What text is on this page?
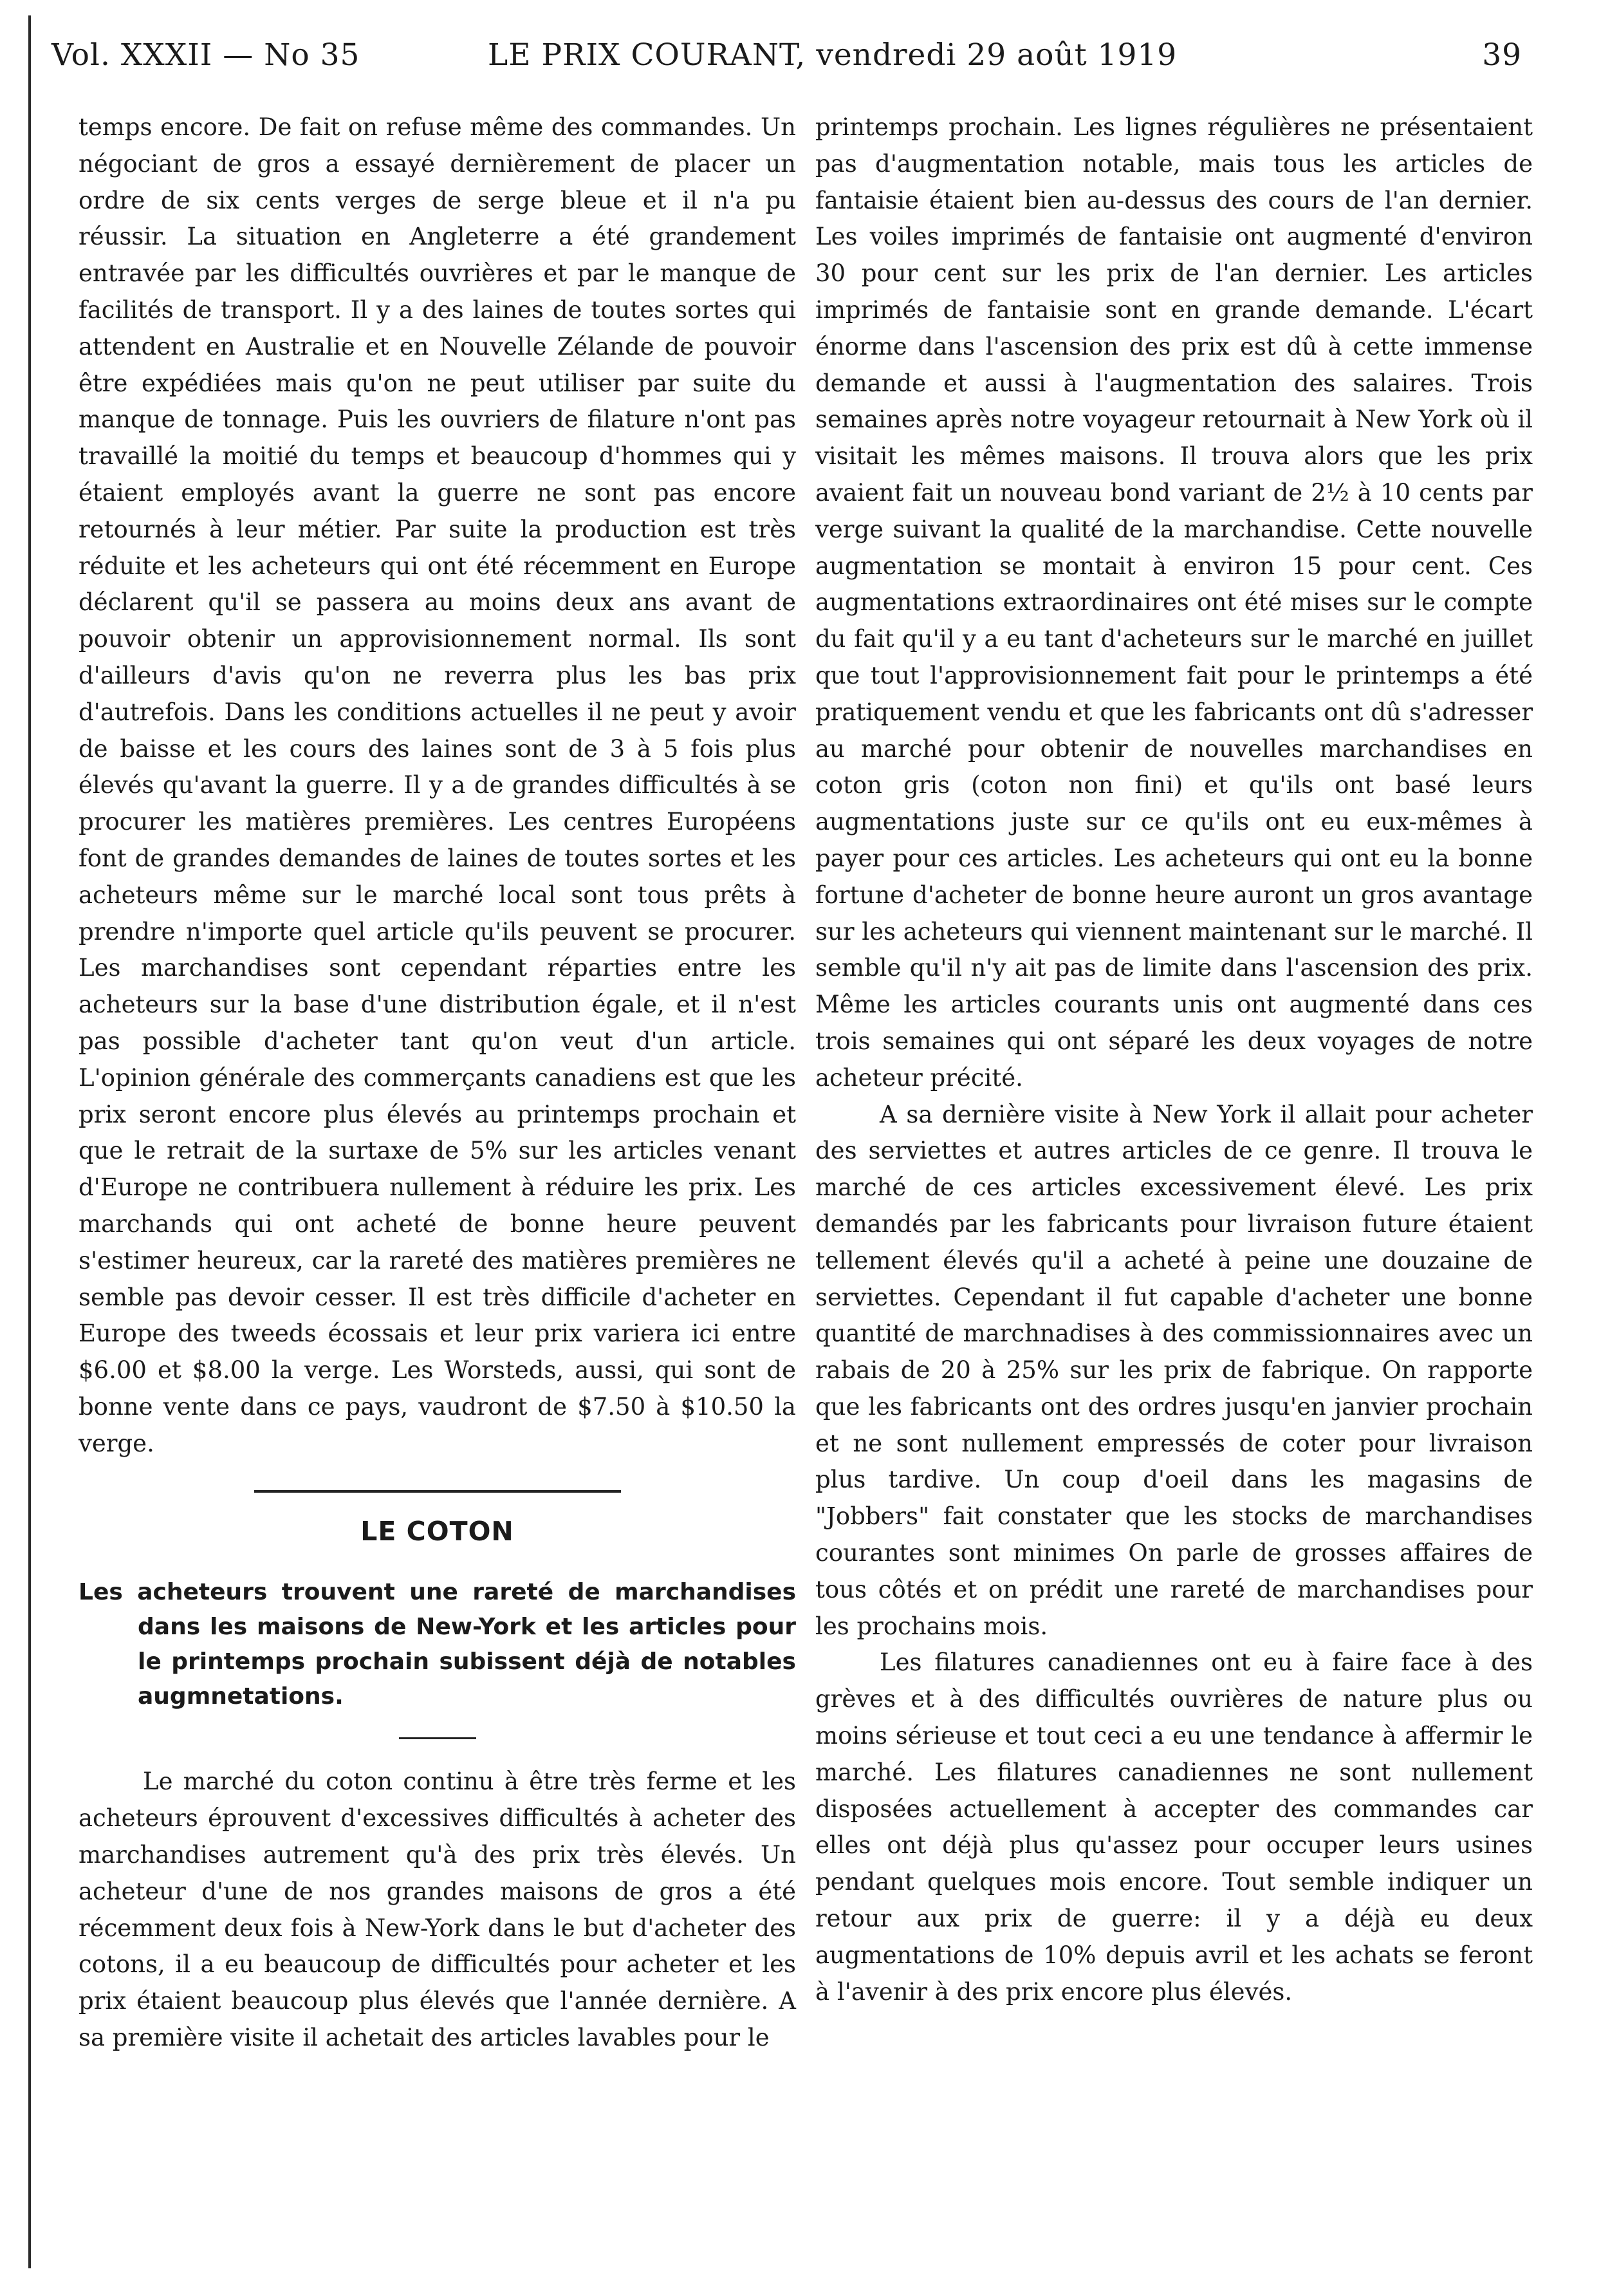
Vol. XXXII — No 35	LE PRIX COURANT, vendredi 29 août 1919	39

temps encore. De fait on refuse même des commandes. Un négociant de gros a essayé dernièrement de placer un ordre de six cents verges de serge bleue et il n'a pu réussir. La situation en Angleterre a été grandement entravée par les difficultés ouvrières et par le manque de facilités de transport. Il y a des laines de toutes sortes qui attendent en Australie et en Nouvelle Zélande de pouvoir être expédiées mais qu'on ne peut utiliser par suite du manque de tonnage. Puis les ouvriers de filature n'ont pas travaillé la moitié du temps et beaucoup d'hommes qui y étaient employés avant la guerre ne sont pas encore retournés à leur métier. Par suite la production est très réduite et les acheteurs qui ont été récemment en Europe déclarent qu'il se passera au moins deux ans avant de pouvoir obtenir un approvisionnement normal. Ils sont d'ailleurs d'avis qu'on ne reverra plus les bas prix d'autrefois. Dans les conditions actuelles il ne peut y avoir de baisse et les cours des laines sont de 3 à 5 fois plus élevés qu'avant la guerre. Il y a de grandes difficultés à se procurer les matières premières. Les centres Européens font de grandes demandes de laines de toutes sortes et les acheteurs même sur le marché local sont tous prêts à prendre n'importe quel article qu'ils peuvent se procurer. Les marchandises sont cependant réparties entre les acheteurs sur la base d'une distribution égale, et il n'est pas possible d'acheter tant qu'on veut d'un article. L'opinion générale des commerçants canadiens est que les prix seront encore plus élevés au printemps prochain et que le retrait de la surtaxe de 5% sur les articles venant d'Europe ne contribuera nullement à réduire les prix. Les marchands qui ont acheté de bonne heure peuvent s'estimer heureux, car la rareté des matières premières ne semble pas devoir cesser. Il est très difficile d'acheter en Europe des tweeds écossais et leur prix variera ici entre $6.00 et $8.00 la verge. Les Worsteds, aussi, qui sont de bonne vente dans ce pays, vaudront de $7.50 à $10.50 la verge.

LE COTON

Les acheteurs trouvent une rareté de marchandises dans les maisons de New-York et les articles pour le printemps prochain subissent déjà de notables augmnetations.

Le marché du coton continu à être très ferme et les acheteurs éprouvent d'excessives difficultés à acheter des marchandises autrement qu'à des prix très élevés. Un acheteur d'une de nos grandes maisons de gros a été récemment deux fois à New-York dans le but d'acheter des cotons, il a eu beaucoup de difficultés pour acheter et les prix étaient beaucoup plus élevés que l'année dernière. A sa première visite il achetait des articles lavables pour le

printemps prochain. Les lignes régulières ne présentaient pas d'augmentation notable, mais tous les articles de fantaisie étaient bien au-dessus des cours de l'an dernier. Les voiles imprimés de fantaisie ont augmenté d'environ 30 pour cent sur les prix de l'an dernier. Les articles imprimés de fantaisie sont en grande demande. L'écart énorme dans l'ascension des prix est dû à cette immense demande et aussi à l'augmentation des salaires. Trois semaines après notre voyageur retournait à New York où il visitait les mêmes maisons. Il trouva alors que les prix avaient fait un nouveau bond variant de 2½ à 10 cents par verge suivant la qualité de la marchandise. Cette nouvelle augmentation se montait à environ 15 pour cent. Ces augmentations extraordinaires ont été mises sur le compte du fait qu'il y a eu tant d'acheteurs sur le marché en juillet que tout l'approvisionnement fait pour le printemps a été pratiquement vendu et que les fabricants ont dû s'adresser au marché pour obtenir de nouvelles marchandises en coton gris (coton non fini) et qu'ils ont basé leurs augmentations juste sur ce qu'ils ont eu eux-mêmes à payer pour ces articles. Les acheteurs qui ont eu la bonne fortune d'acheter de bonne heure auront un gros avantage sur les acheteurs qui viennent maintenant sur le marché. Il semble qu'il n'y ait pas de limite dans l'ascension des prix. Même les articles courants unis ont augmenté dans ces trois semaines qui ont séparé les deux voyages de notre acheteur précité.

A sa dernière visite à New York il allait pour acheter des serviettes et autres articles de ce genre. Il trouva le marché de ces articles excessivement élevé. Les prix demandés par les fabricants pour livraison future étaient tellement élevés qu'il a acheté à peine une douzaine de serviettes. Cependant il fut capable d'acheter une bonne quantité de marchnadises à des commissionnaires avec un rabais de 20 à 25% sur les prix de fabrique. On rapporte que les fabricants ont des ordres jusqu'en janvier prochain et ne sont nullement empressés de coter pour livraison plus tardive. Un coup d'oeil dans les magasins de "Jobbers" fait constater que les stocks de marchandises courantes sont minimes On parle de grosses affaires de tous côtés et on prédit une rareté de marchandises pour les prochains mois.

Les filatures canadiennes ont eu à faire face à des grèves et à des difficultés ouvrières de nature plus ou moins sérieuse et tout ceci a eu une tendance à affermir le marché. Les filatures canadiennes ne sont nullement disposées actuellement à accepter des commandes car elles ont déjà plus qu'assez pour occuper leurs usines pendant quelques mois encore. Tout semble indiquer un retour aux prix de guerre: il y a déjà eu deux augmentations de 10% depuis avril et les achats se feront à l'avenir à des prix encore plus élevés.
